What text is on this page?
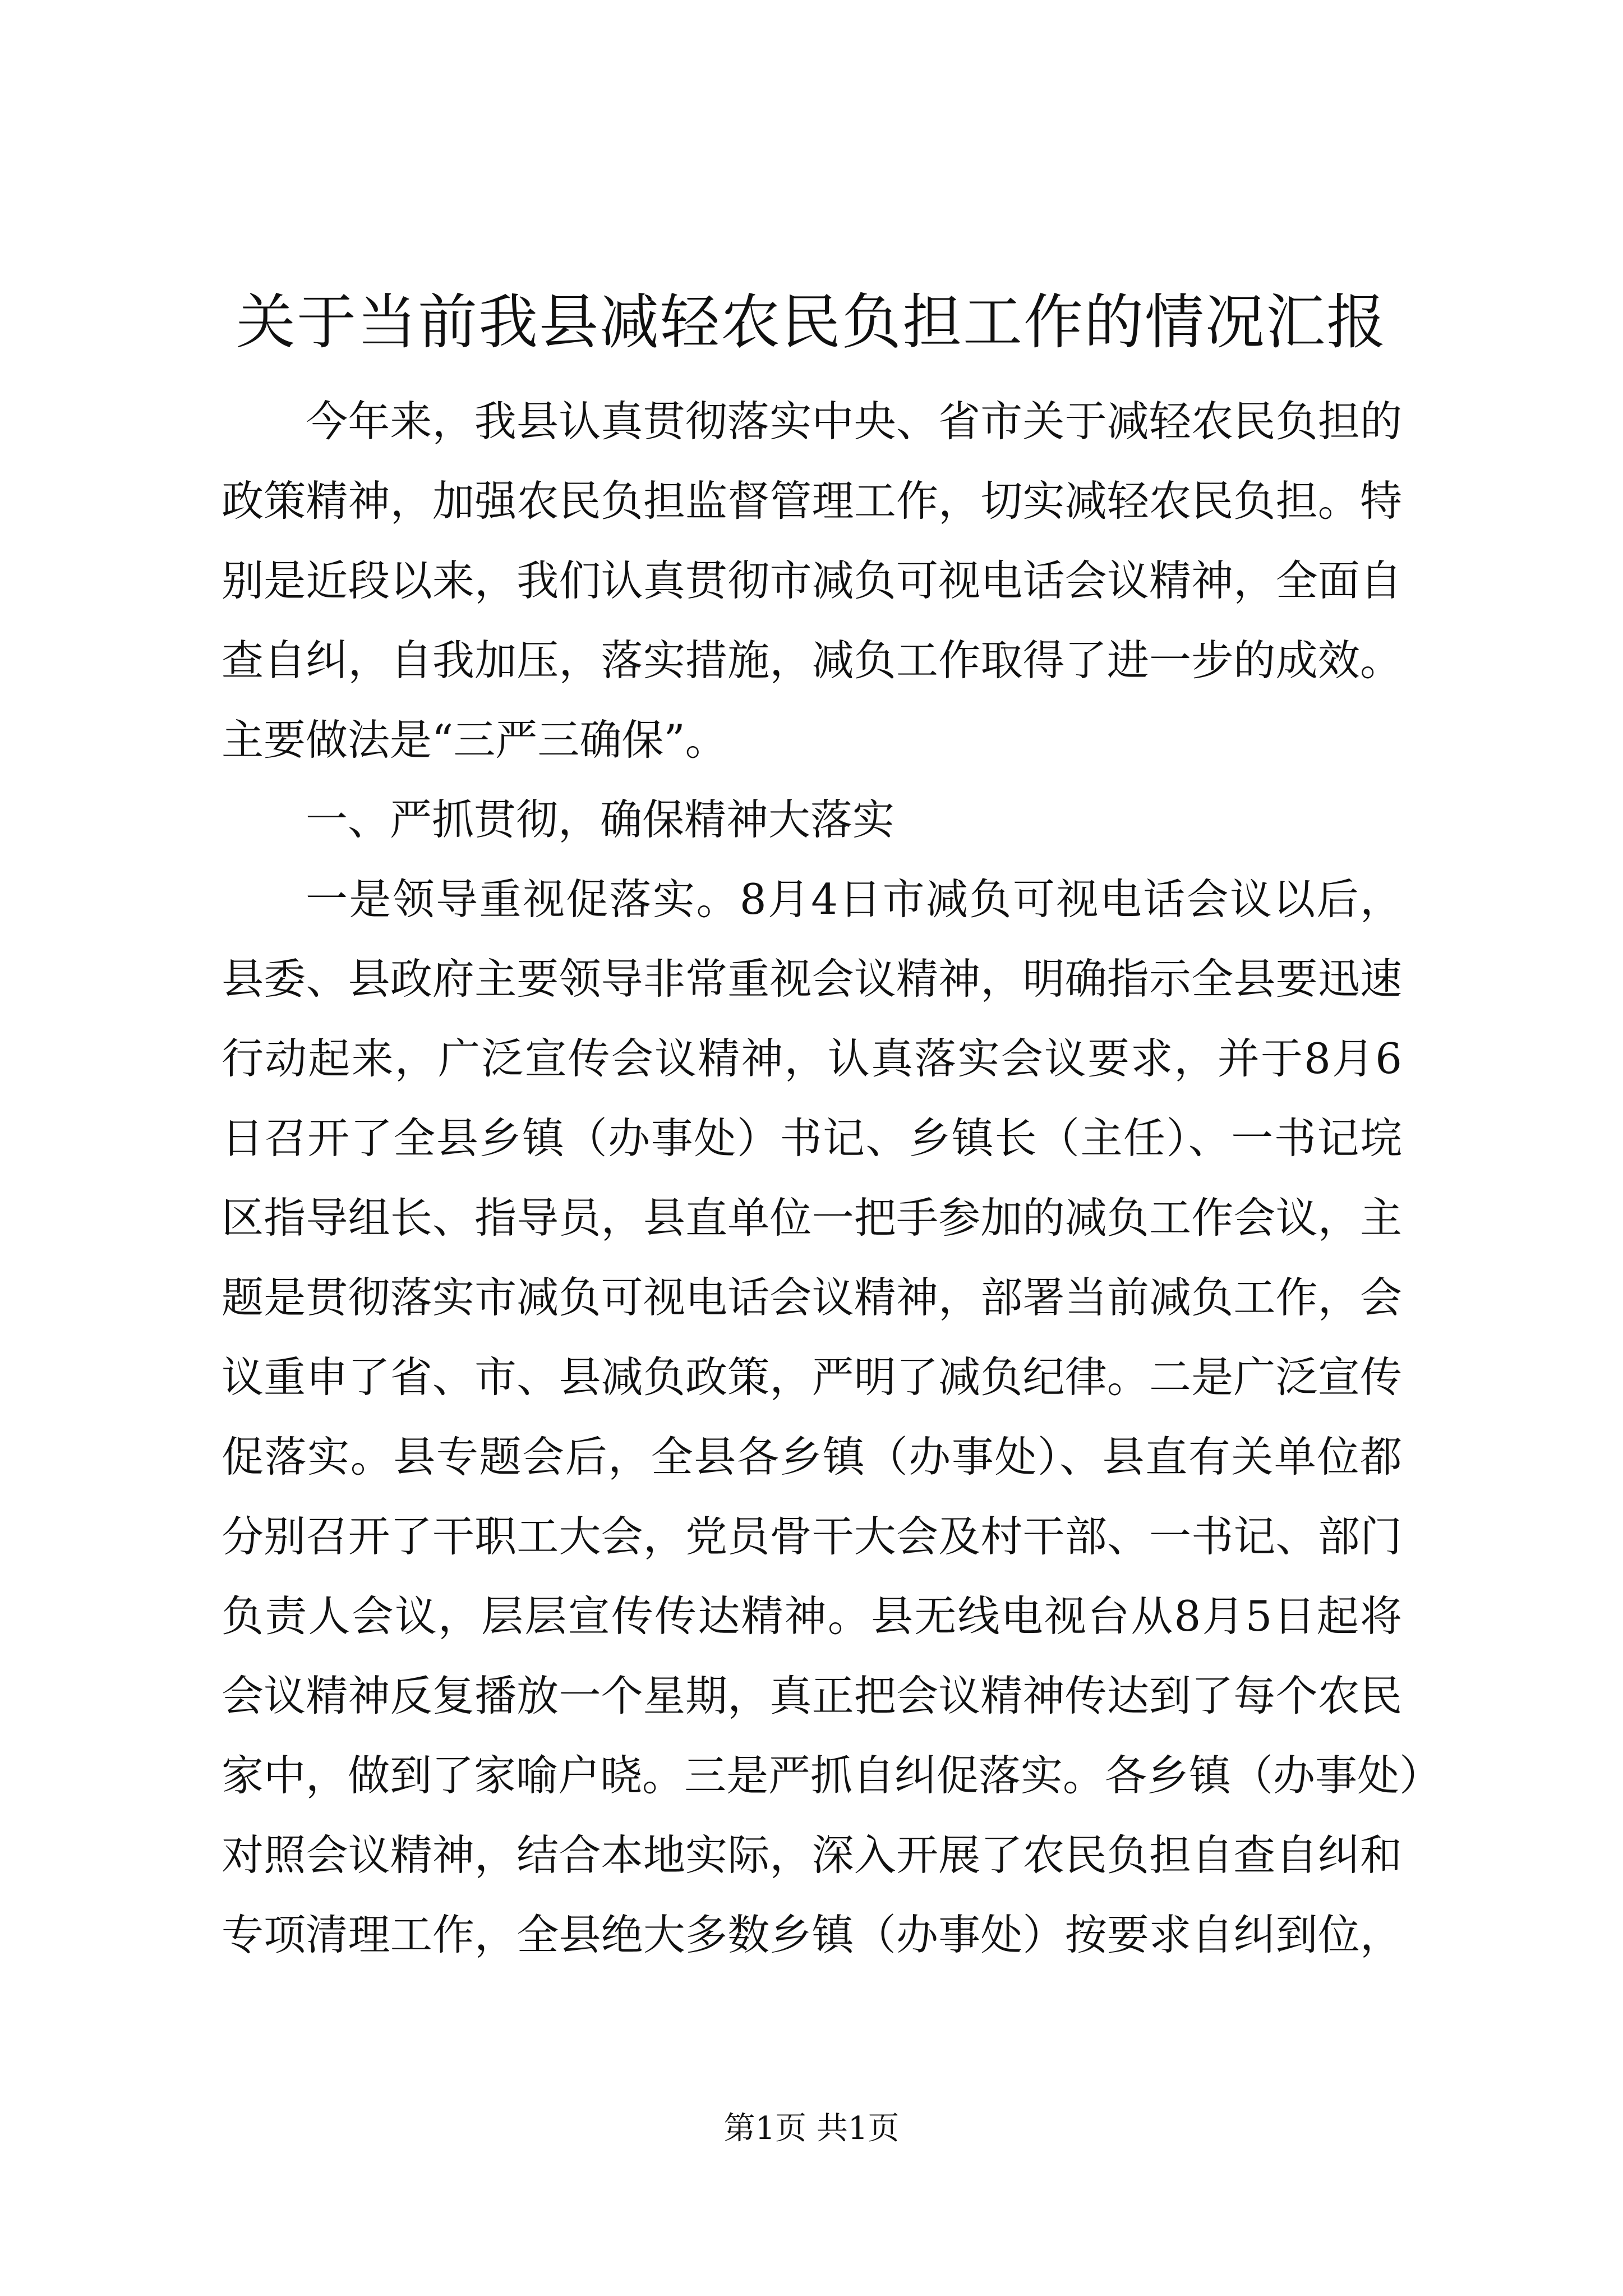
关于当前我县减轻农民负担工作的情况汇报
今年来，我县认真贯彻落实中央、省市关于减轻农民负担的
政策精神，加强农民负担监督管理工作，切实减轻农民负担。特
别是近段以来，我们认真贯彻市减负可视电话会议精神，全面自
查自纠，自我加压，落实措施，减负工作取得了进一步的成效。
主要做法是“三严三确保”。
一、严抓贯彻，确保精神大落实
一是领导重视促落实。8月4日市减负可视电话会议以后，
县委、县政府主要领导非常重视会议精神，明确指示全县要迅速
行动起来，广泛宣传会议精神，认真落实会议要求，并于8月6
日召开了全县乡镇（办事处）书记、乡镇长（主任）、一书记垸
区指导组长、指导员，县直单位一把手参加的减负工作会议，主
题是贯彻落实市减负可视电话会议精神，部署当前减负工作，会
议重申了省、市、县减负政策，严明了减负纪律。二是广泛宣传
促落实。县专题会后，全县各乡镇（办事处）、县直有关单位都
分别召开了干职工大会，党员骨干大会及村干部、一书记、部门
负责人会议，层层宣传传达精神。县无线电视台从8月5日起将
会议精神反复播放一个星期，真正把会议精神传达到了每个农民
家中，做到了家喻户晓。三是严抓自纠促落实。各乡镇（办事处）
对照会议精神，结合本地实际，深入开展了农民负担自查自纠和
专项清理工作，全县绝大多数乡镇（办事处）按要求自纠到位，
第1页 共1页
